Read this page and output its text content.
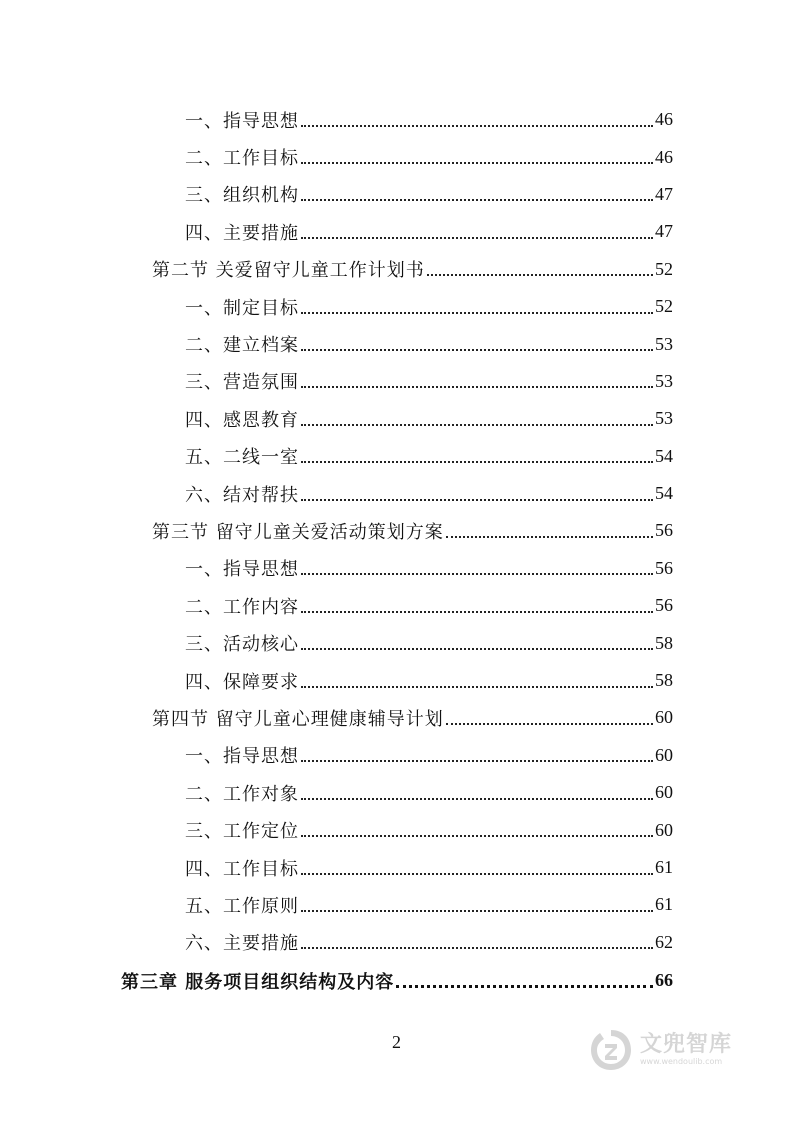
一、指导思想	46
二、工作目标	46
三、组织机构	47
四、主要措施	47
第二节 关爱留守儿童工作计划书	52
一、制定目标	52
二、建立档案	53
三、营造氛围	53
四、感恩教育	53
五、二线一室	54
六、结对帮扶	54
第三节 留守儿童关爱活动策划方案	56
一、指导思想	56
二、工作内容	56
三、活动核心	58
四、保障要求	58
第四节 留守儿童心理健康辅导计划	60
一、指导思想	60
二、工作对象	60
三、工作定位	60
四、工作目标	61
五、工作原则	61
六、主要措施	62
第三章 服务项目组织结构及内容	66
2	文兜智库
www.wendoulib.com
